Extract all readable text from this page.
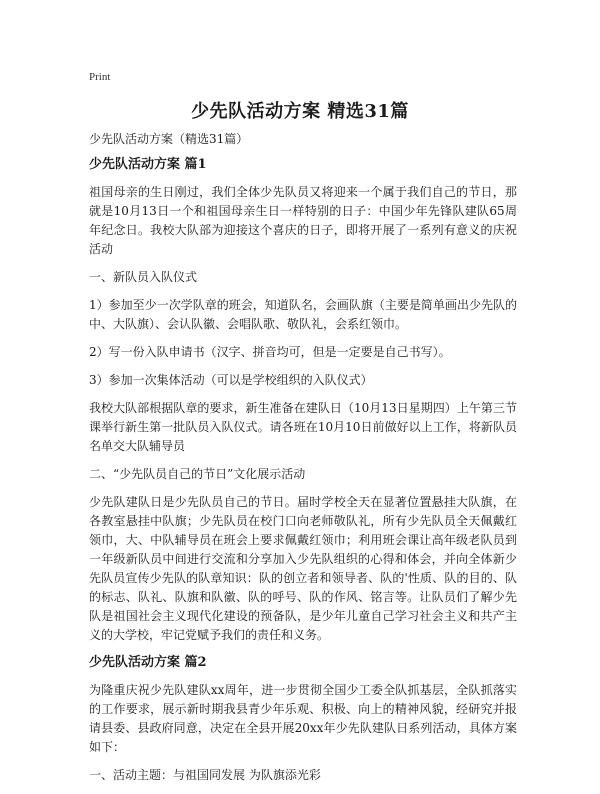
Print
少先队活动方案 精选31篇
少先队活动方案（精选31篇）
少先队活动方案 篇1
祖国母亲的生日刚过，我们全体少先队员又将迎来一个属于我们自己的节日，那就是10月13日一个和祖国母亲生日一样特别的日子：中国少年先锋队建队65周年纪念日。我校大队部为迎接这个喜庆的日子，即将开展了一系列有意义的庆祝活动
一、新队员入队仪式
1）参加至少一次学队章的班会，知道队名，会画队旗（主要是简单画出少先队的中、大队旗）、会认队徽、会唱队歌、敬队礼，会系红领巾。
2）写一份入队申请书（汉字、拼音均可，但是一定要是自己书写）。
3）参加一次集体活动（可以是学校组织的入队仪式）
我校大队部根据队章的要求，新生准备在建队日（10月13日星期四）上午第三节课举行新生第一批队员入队仪式。请各班在10月10日前做好以上工作，将新队员名单交大队辅导员
二、“少先队员自己的节日”文化展示活动
少先队建队日是少先队员自己的节日。届时学校全天在显著位置悬挂大队旗，在各教室悬挂中队旗；少先队员在校门口向老师敬队礼，所有少先队员全天佩戴红领巾，大、中队辅导员在班会上要求佩戴红领巾；利用班会课让高年级老队员到一年级新队员中间进行交流和分享加入少先队组织的心得和体会，并向全体新少先队员宣传少先队的队章知识：队的创立者和领导者、队的'性质、队的目的、队的标志、队礼、队旗和队徽、队的呼号、队的作风、铭言等。让队员们了解少先队是祖国社会主义现代化建设的预备队，是少年儿童自己学习社会主义和共产主义的大学校，牢记党赋予我们的责任和义务。
少先队活动方案 篇2
为隆重庆祝少先队建队xx周年，进一步贯彻全国少工委全队抓基层，全队抓落实的工作要求，展示新时期我县青少年乐观、积极、向上的精神风貌，经研究并报请县委、县政府同意，决定在全县开展20xx年少先队建队日系列活动，具体方案如下：
一、活动主题：与祖国同发展 为队旗添光彩
